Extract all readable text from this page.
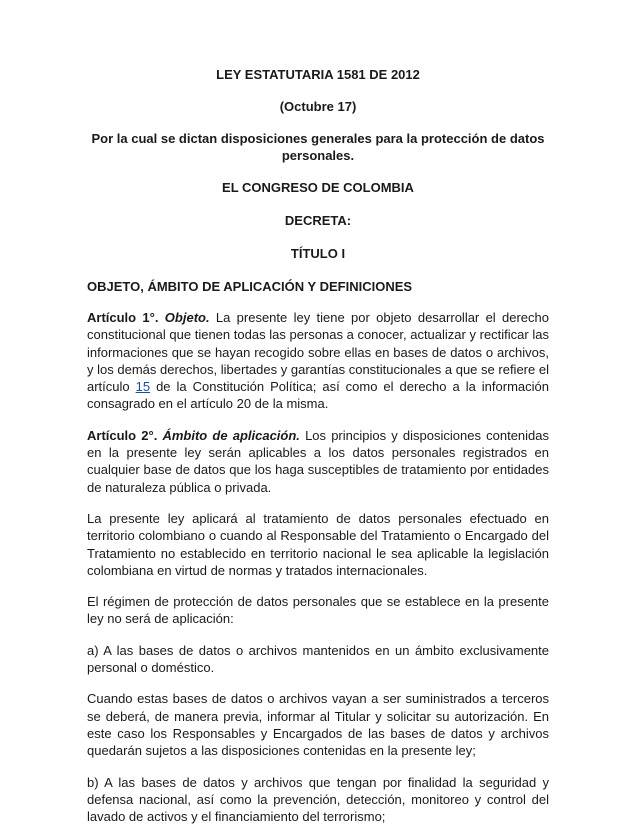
LEY ESTATUTARIA 1581 DE 2012

(Octubre 17)

Por la cual se dictan disposiciones generales para la protección de datos personales.

EL CONGRESO DE COLOMBIA

DECRETA:

TÍTULO I

OBJETO, ÁMBITO DE APLICACIÓN Y DEFINICIONES

Artículo 1°. Objeto. La presente ley tiene por objeto desarrollar el derecho constitucional que tienen todas las personas a conocer, actualizar y rectificar las informaciones que se hayan recogido sobre ellas en bases de datos o archivos, y los demás derechos, libertades y garantías constitucionales a que se refiere el artículo 15 de la Constitución Política; así como el derecho a la información consagrado en el artículo 20 de la misma.

Artículo 2°. Ámbito de aplicación. Los principios y disposiciones contenidas en la presente ley serán aplicables a los datos personales registrados en cualquier base de datos que los haga susceptibles de tratamiento por entidades de naturaleza pública o privada.

La presente ley aplicará al tratamiento de datos personales efectuado en territorio colombiano o cuando al Responsable del Tratamiento o Encargado del Tratamiento no establecido en territorio nacional le sea aplicable la legislación colombiana en virtud de normas y tratados internacionales.

El régimen de protección de datos personales que se establece en la presente ley no será de aplicación:

a) A las bases de datos o archivos mantenidos en un ámbito exclusivamente personal o doméstico.

Cuando estas bases de datos o archivos vayan a ser suministrados a terceros se deberá, de manera previa, informar al Titular y solicitar su autorización. En este caso los Responsables y Encargados de las bases de datos y archivos quedarán sujetos a las disposiciones contenidas en la presente ley;

b) A las bases de datos y archivos que tengan por finalidad la seguridad y defensa nacional, así como la prevención, detección, monitoreo y control del lavado de activos y el financiamiento del terrorismo;
